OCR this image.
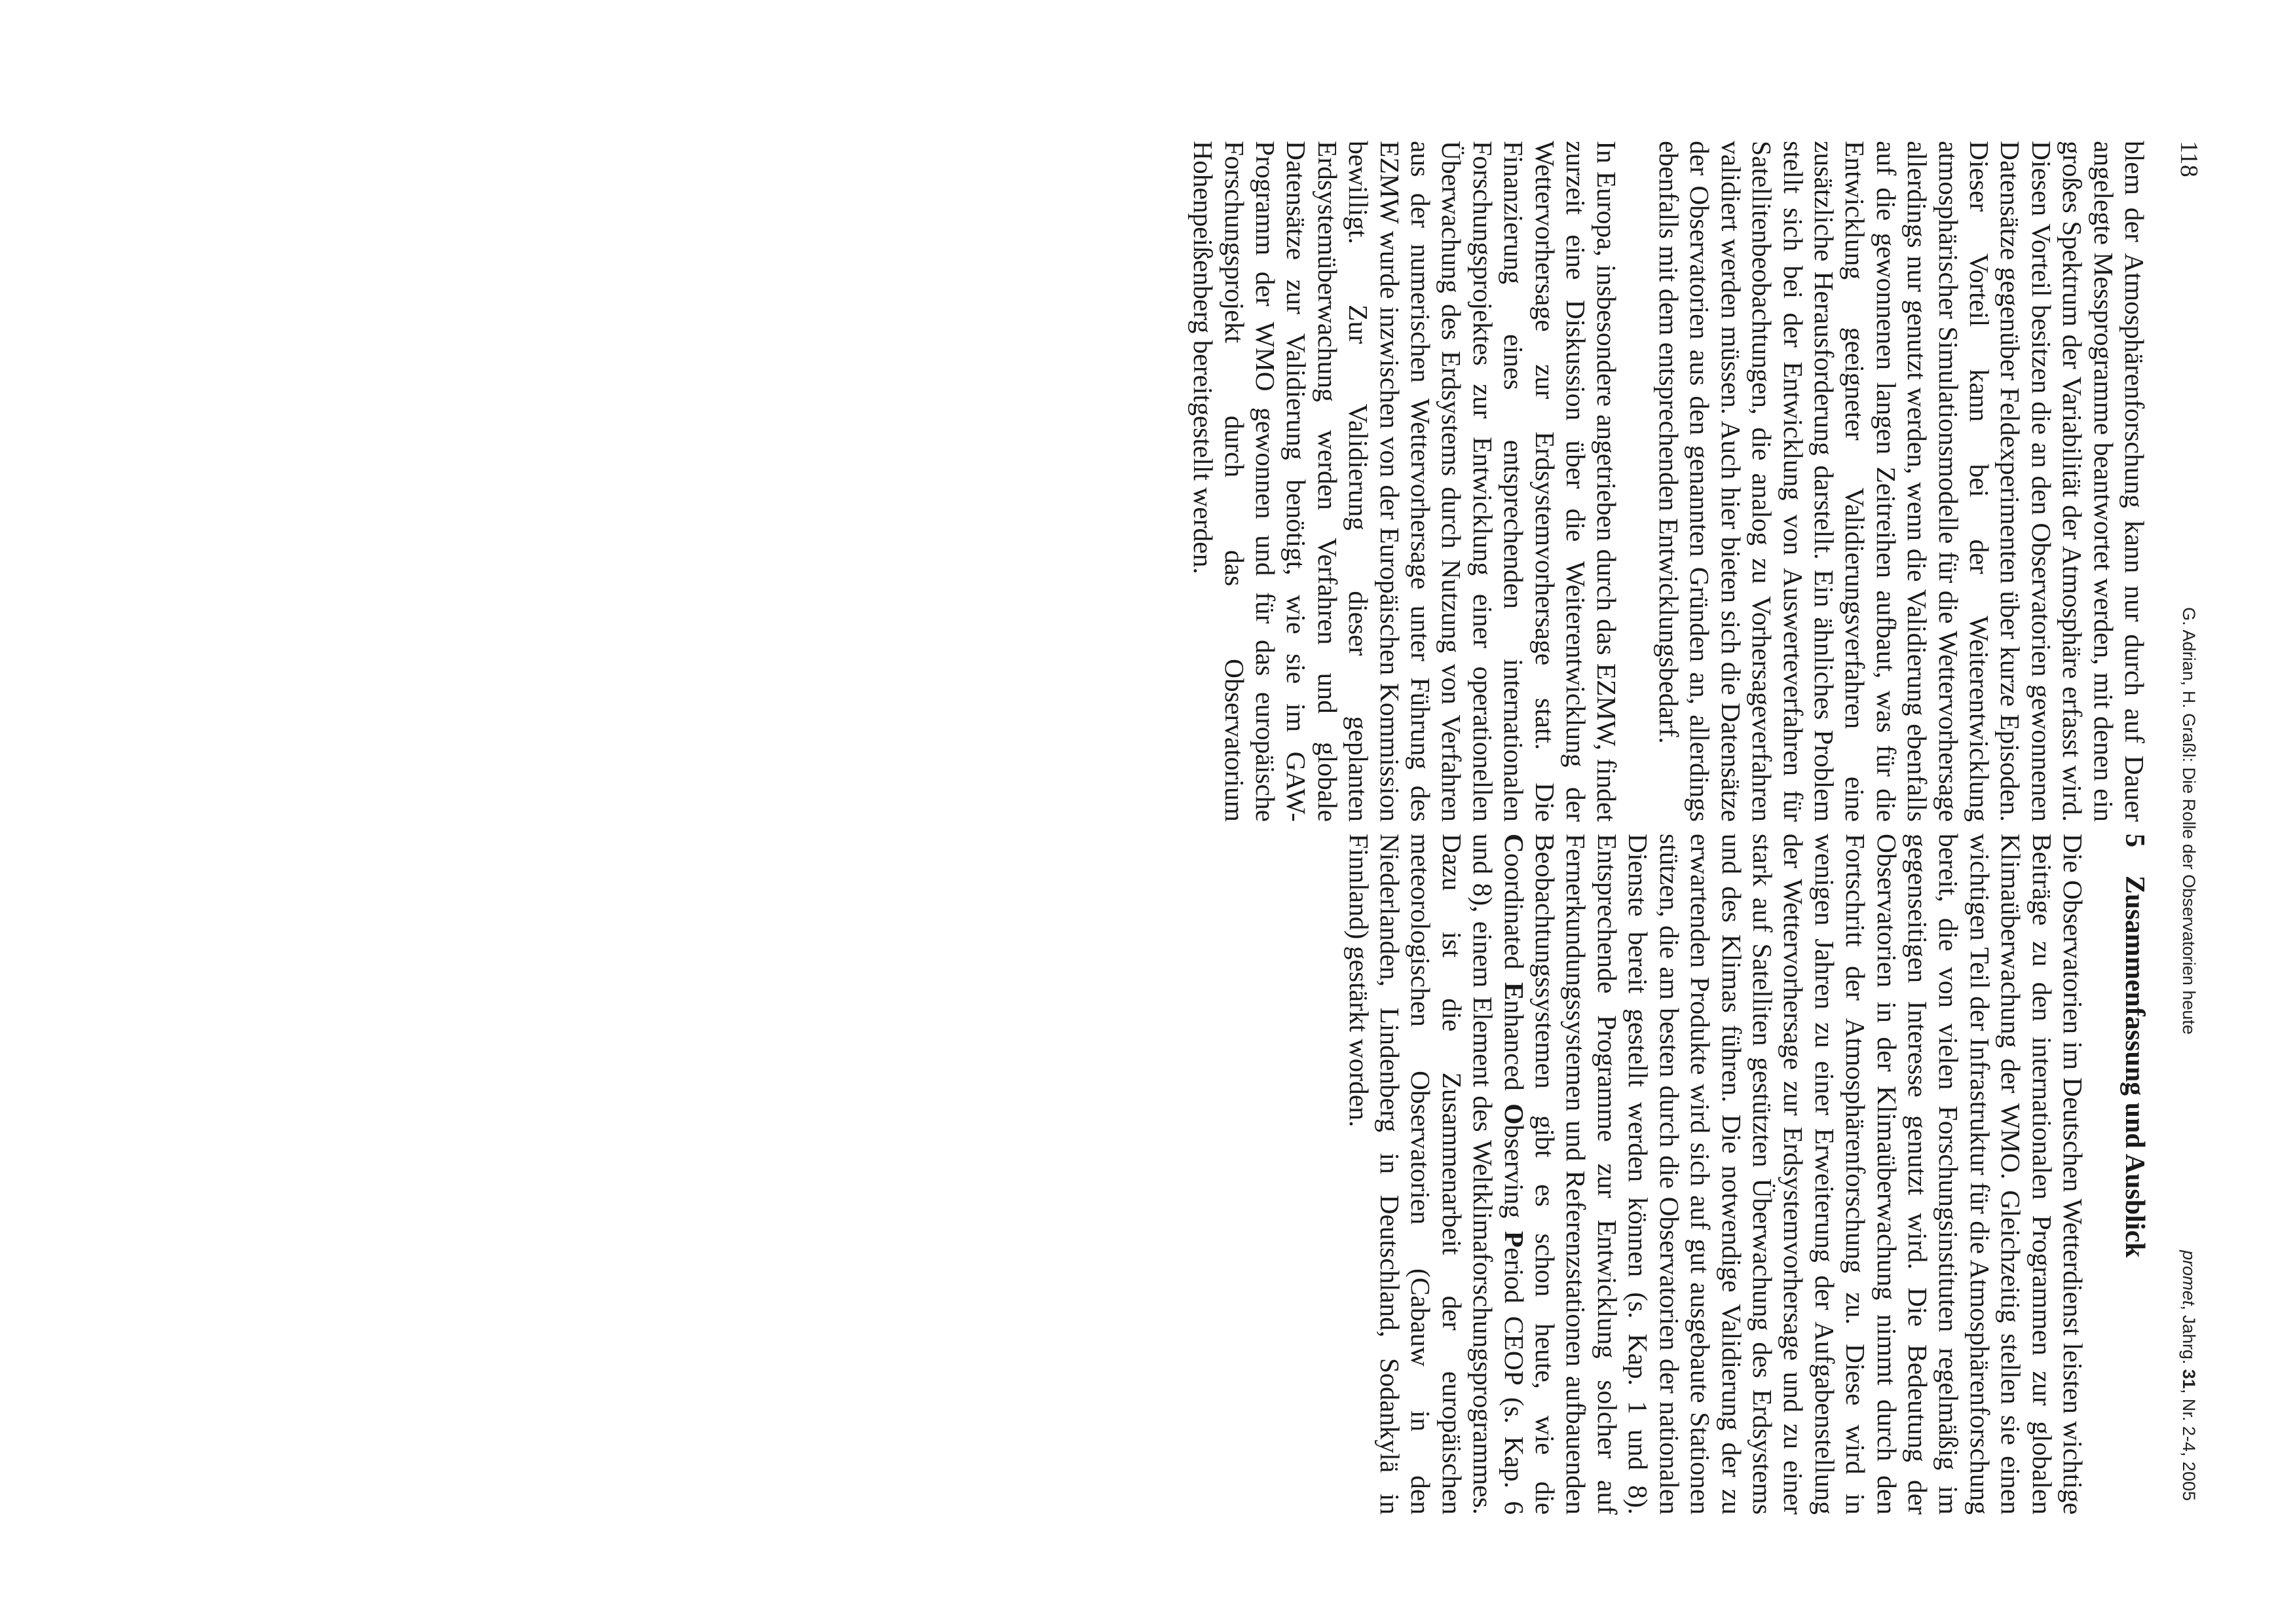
118
G. Adrian, H. Graßl: Die Rolle der Observatorien heute
promet, Jahrg. 31, Nr. 2-4, 2005

blem der Atmosphärenforschung kann nur durch auf Dauer angelegte Messprogramme beantwortet werden, mit denen ein großes Spektrum der Variabilität der Atmosphäre erfasst wird. Diesen Vorteil besitzen die an den Observatorien gewonnenen Datensätze gegenüber Feldexperimenten über kurze Episoden. Dieser Vorteil kann bei der Weiterentwicklung atmosphärischer Simulationsmodelle für die Wettervorhersage allerdings nur genutzt werden, wenn die Validierung ebenfalls auf die gewonnenen langen Zeitreihen aufbaut, was für die Entwicklung geeigneter Validierungsverfahren eine zusätzliche Herausforderung darstellt. Ein ähnliches Problem stellt sich bei der Entwicklung von Auswerteverfahren für Satellitenbeobachtungen, die analog zu Vorhersageverfahren validiert werden müssen. Auch hier bieten sich die Datensätze der Observatorien aus den genannten Gründen an, allerdings ebenfalls mit dem entsprechenden Entwicklungsbedarf.

In Europa, insbesondere angetrieben durch das EZMW, findet zurzeit eine Diskussion über die Weiterentwicklung der Wettervorhersage zur Erdsystemvorhersage statt. Die Finanzierung eines entsprechenden internationalen Forschungsprojektes zur Entwicklung einer operationellen Überwachung des Erdsystems durch Nutzung von Verfahren aus der numerischen Wettervorhersage unter Führung des EZMW wurde inzwischen von der Europäischen Kommission bewilligt. Zur Validierung dieser geplanten Erdsystemüberwachung werden Verfahren und globale Datensätze zur Validierung benötigt, wie sie im GAW-Programm der WMO gewonnen und für das europäische Forschungsprojekt durch das Observatorium Hohenpeißenberg bereitgestellt werden.

5Zusammenfassung und Ausblick

Die Observatorien im Deutschen Wetterdienst leisten wichtige Beiträge zu den internationalen Programmen zur globalen Klimaüberwachung der WMO. Gleichzeitig stellen sie einen wichtigen Teil der Infrastruktur für die Atmosphärenforschung bereit, die von vielen Forschungsinstituten regelmäßig im gegenseitigen Interesse genutzt wird. Die Bedeutung der Observatorien in der Klimaüberwachung nimmt durch den Fortschritt der Atmosphärenforschung zu. Diese wird in wenigen Jahren zu einer Erweiterung der Aufgabenstellung der Wettervorhersage zur Erdsystemvorhersage und zu einer stark auf Satelliten gestützten Überwachung des Erdsystems und des Klimas führen. Die notwendige Validierung der zu erwartenden Produkte wird sich auf gut ausgebaute Stationen stützen, die am besten durch die Observatorien der nationalen Dienste bereit gestellt werden können (s. Kap. 1 und 8). Entsprechende Programme zur Entwicklung solcher auf Fernerkundungssystemen und Referenzstationen aufbauenden Beobachtungssystemen gibt es schon heute, wie die Coordinated Enhanced Observing Period CEOP (s. Kap. 6 und 8), einem Element des Weltklimaforschungsprogrammes. Dazu ist die Zusammenarbeit der europäischen meteorologischen Observatorien (Cabauw in den Niederlanden, Lindenberg in Deutschland, Sodankylä in Finnland) gestärkt worden.
